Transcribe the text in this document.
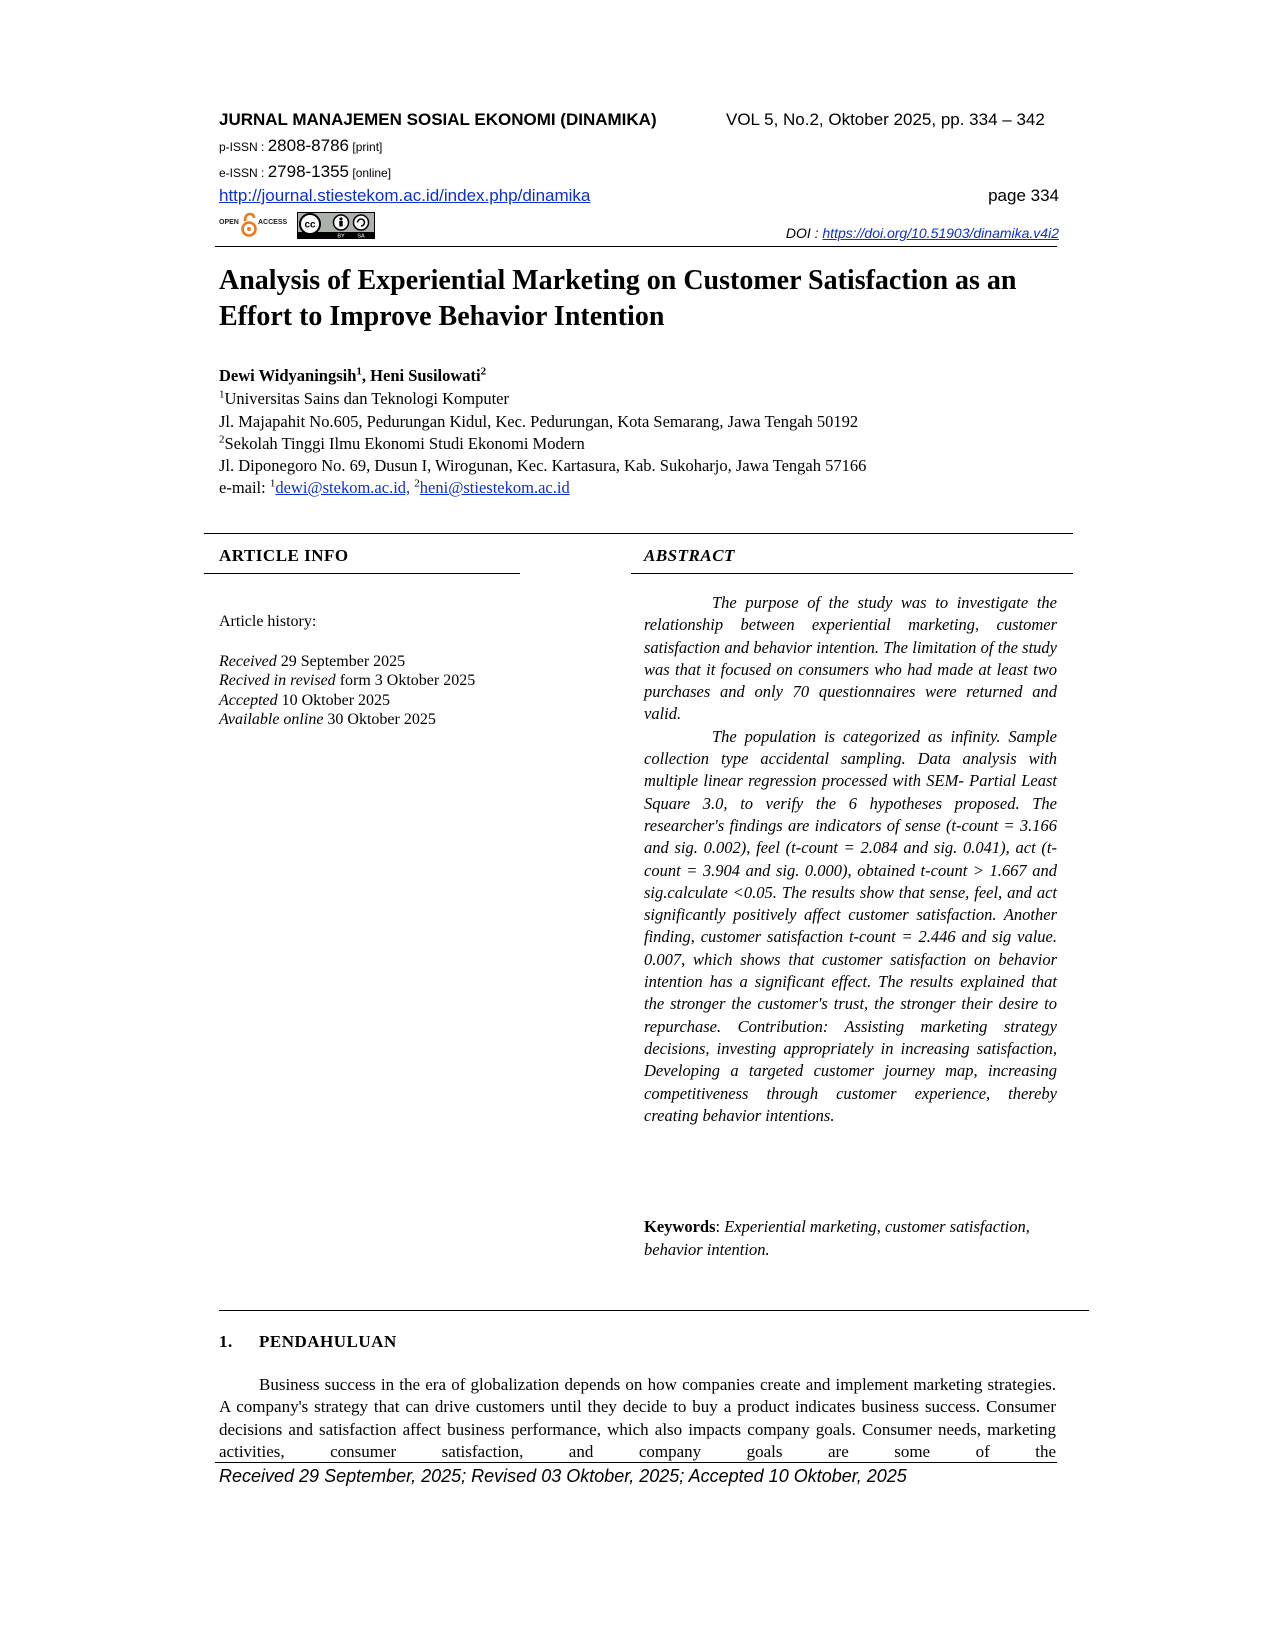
JURNAL MANAJEMEN SOSIAL EKONOMI (DINAMIKA)	VOL 5, No.2, Oktober 2025, pp. 334 – 342
p-ISSN : 2808-8786 [print]
e-ISSN : 2798-1355 [online]
http://journal.stiestekom.ac.id/index.php/dinamika	page 334
OPEN	ACCESS cc
BY SA	DOI : https://doi.org/10.51903/dinamika.v4i2
Analysis of Experiential Marketing on Customer Satisfaction as an Effort to Improve Behavior Intention
Dewi Widyaningsih$^1$, Heni Susilowati$^2$
$^1$Universitas Sains dan Teknologi Komputer
Jl. Majapahit No.605, Pedurungan Kidul, Kec. Pedurungan, Kota Semarang, Jawa Tengah 50192
$^2$Sekolah Tinggi Ilmu Ekonomi Studi Ekonomi Modern
Jl. Diponegoro No. 69, Dusun I, Wirogunan, Kec. Kartasura, Kab. Sukoharjo, Jawa Tengah 57166
e-mail: $^1$dewi@stekom.ac.id, $^2$heni@stiestekom.ac.id
ARTICLE INFO	ABSTRACT
Article history:
Received 29 September 2025
Recived in revised form 3 Oktober 2025
Accepted 10 Oktober 2025
Available online 30 Oktober 2025

The purpose of the study was to investigate the relationship between experiential marketing, customer satisfaction and behavior intention. The limitation of the study was that it focused on consumers who had made at least two purchases and only 70 questionnaires were returned and valid.

The population is categorized as infinity. Sample collection type accidental sampling. Data analysis with multiple linear regression processed with SEM- Partial Least Square 3.0, to verify the 6 hypotheses proposed. The researcher's findings are indicators of sense (t-count = 3.166 and sig. 0.002), feel (t-count = 2.084 and sig. 0.041), act (t-count = 3.904 and sig. 0.000), obtained t-count > 1.667 and sig.calculate <0.05. The results show that sense, feel, and act significantly positively affect customer satisfaction. Another finding, customer satisfaction t-count = 2.446 and sig value. 0.007, which shows that customer satisfaction on behavior intention has a significant effect. The results explained that the stronger the customer's trust, the stronger their desire to repurchase. Contribution: Assisting marketing strategy decisions, investing appropriately in increasing satisfaction, Developing a targeted customer journey map, increasing competitiveness through customer experience, thereby creating behavior intentions.

Keywords: Experiential marketing, customer satisfaction, behavior intention.
1. PENDAHULUAN

Business success in the era of globalization depends on how companies create and implement marketing strategies. A company's strategy that can drive customers until they decide to buy a product indicates business success. Consumer decisions and satisfaction affect business performance, which also impacts company goals. Consumer needs, marketing activities, consumer satisfaction, and company goals are some of the

Received 29 September, 2025; Revised 03 Oktober, 2025; Accepted 10 Oktober, 2025
